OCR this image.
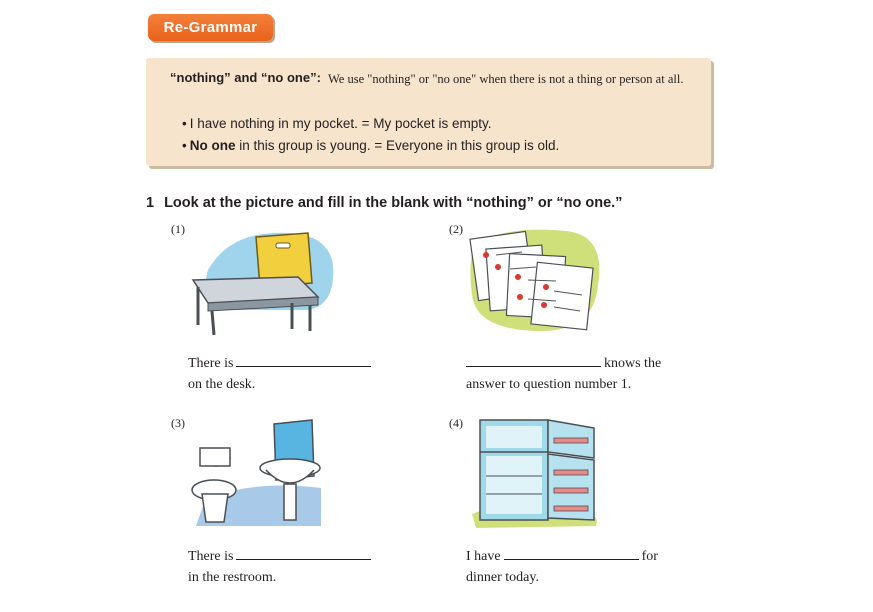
Re-Grammar
“nothing” and “no one”: We use "nothing" or "no one" when there is not a thing or person at all.
• I have nothing in my pocket. = My pocket is empty.
• No one in this group is young. = Everyone in this group is old.
1 Look at the picture and fill in the blank with “nothing” or “no one.”
(1)
There is
on the desk.
(2)
knows the
answer to question number 1.
(3)
There is
in the restroom.
(4)
I have	for
dinner today.
